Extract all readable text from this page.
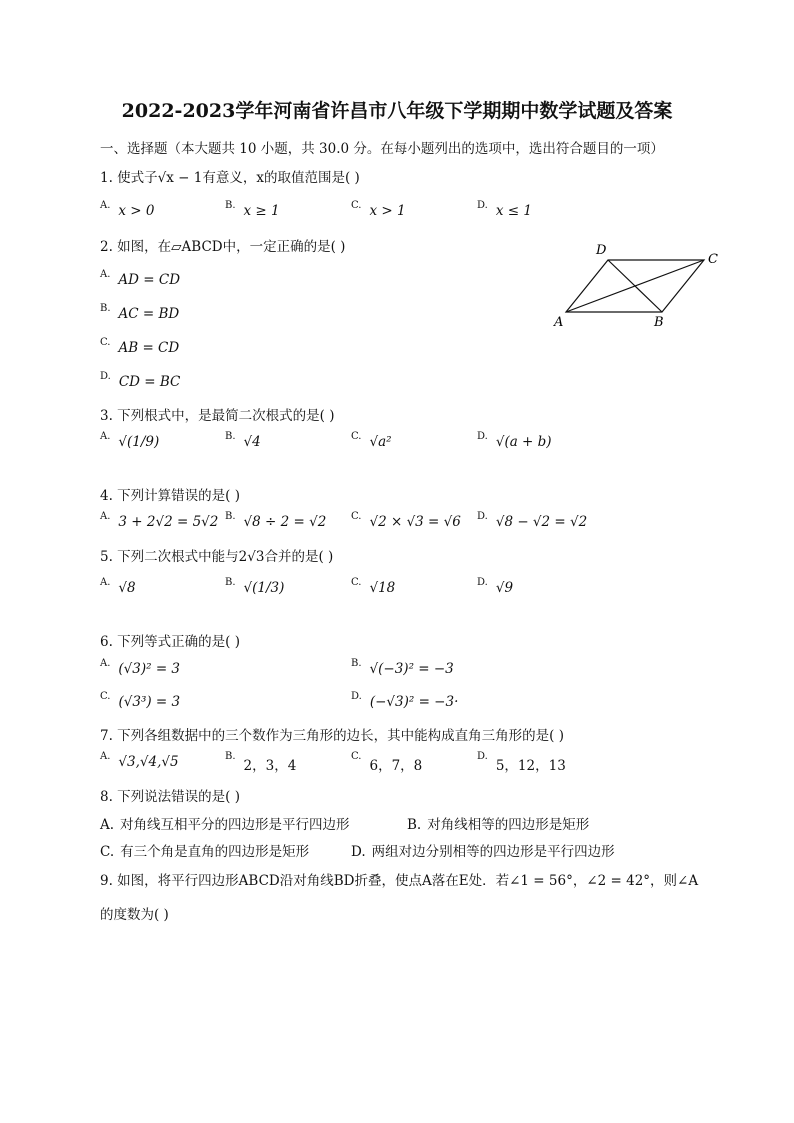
2022-2023学年河南省许昌市八年级下学期期中数学试题及答案
一、选择题（本大题共 10 小题，共 30.0 分。在每小题列出的选项中，选出符合题目的一项）
1. 使式子√x − 1有意义，x的取值范围是( )
$^{A.}$ x > 0	$^{B.}$ x ≥ 1	$^{C.}$ x > 1	$^{D.}$ x ≤ 1
2. 如图，在▱ABCD中，一定正确的是( )
$^{A.}$ AD = CD
$^{B.}$ AC = BD
$^{C.}$ AB = CD
$^{D.}$ CD = BC
D
C
A	B
3. 下列根式中，是最简二次根式的是( )
$^{A.}$ √(1/9)	$^{B.}$ √4	$^{C.}$ √a²	$^{D.}$ √(a + b)
4. 下列计算错误的是( )
$^{A.}$ 3 + 2√2 = 5√2 $^{B.}$ √8 ÷ 2 = √2 $^{C.}$ √2 × √3 = √6 $^{D.}$ √8 − √2 = √2
5. 下列二次根式中能与2√3合并的是( )
$^{A.}$ √8	$^{B.}$ √(1/3)	$^{C.}$ √18	$^{D.}$ √9
6. 下列等式正确的是( )
$^{A.}$ (√3)² = 3	$^{B.}$ √(−3)² = −3
$^{C.}$ (√3³) = 3	$^{D.}$ (−√3)² = −3·
7. 下列各组数据中的三个数作为三角形的边长，其中能构成直角三角形的是( )
$^{A.}$ √3,√4,√5	$^{B.}$2，3，4
$^{C.}$6，7，8
$^{D.}$5，12，13
8. 下列说法错误的是( )
A. 对角线互相平分的四边形是平行四边形	B. 对角线相等的四边形是矩形
C. 有三个角是直角的四边形是矩形	D. 两组对边分别相等的四边形是平行四边形
9. 如图，将平行四边形ABCD沿对角线BD折叠，使点A落在E处．若∠1 = 56°，∠2 = 42°，则∠A
的度数为( )
